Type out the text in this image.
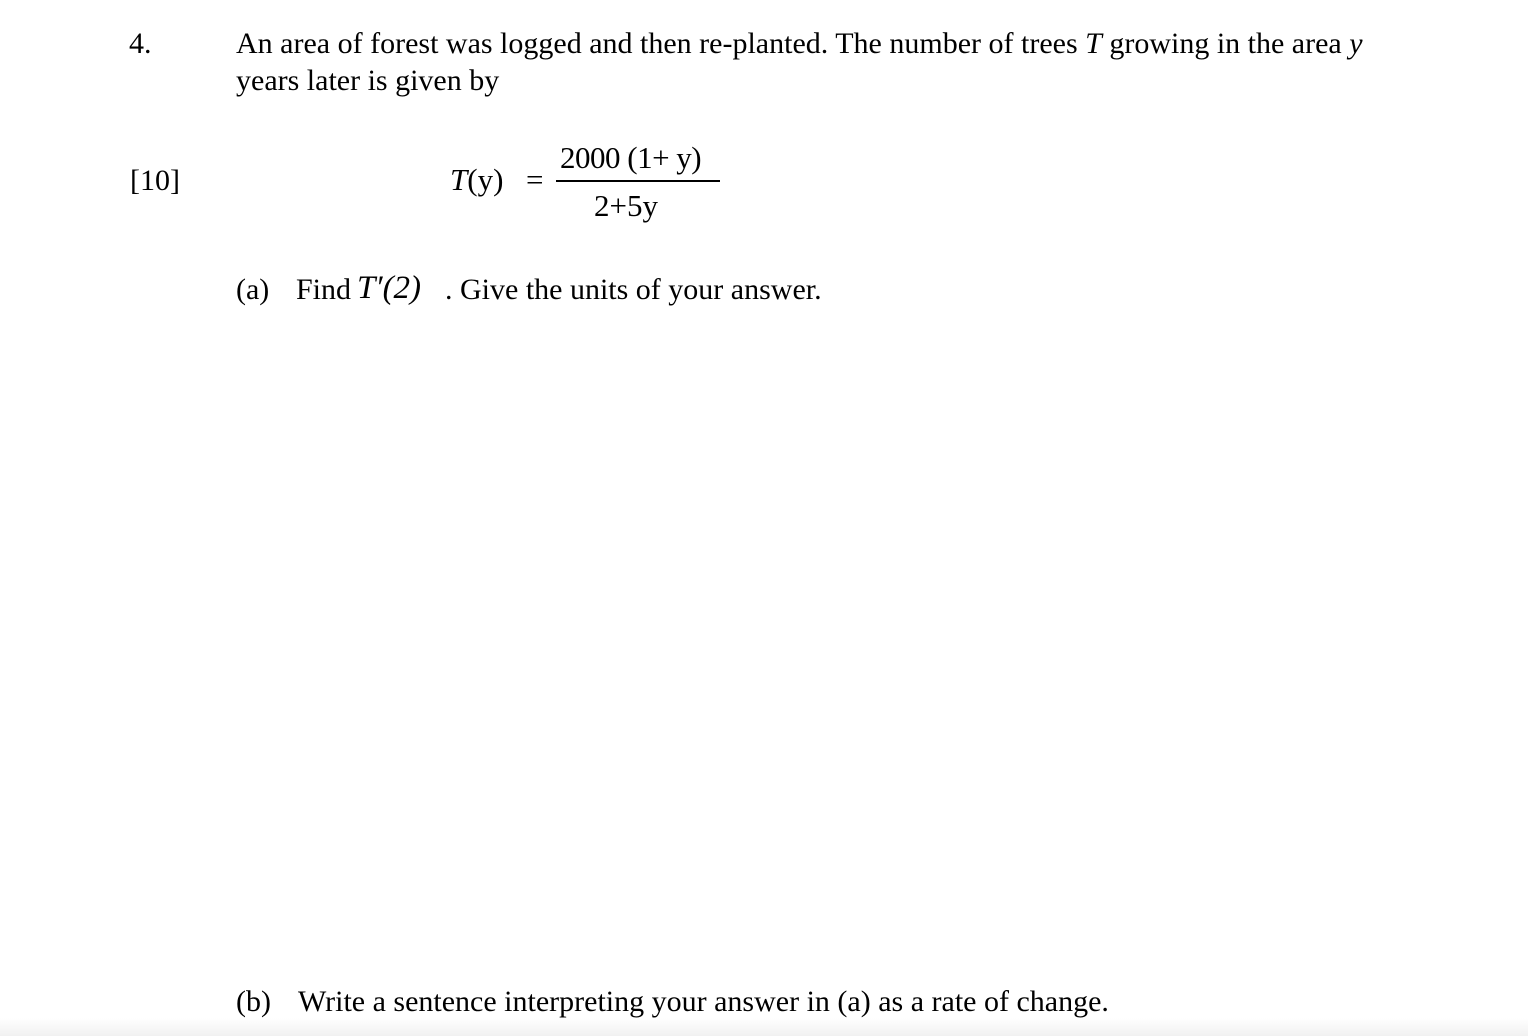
4.
[10]
An area of forest was logged and then re-planted. The number of trees T growing in the area y
years later is given by
T(y) =
2000 (1+ y)
2+5y
(a) Find T′(2) . Give the units of your answer.
(b) Write a sentence interpreting your answer in (a) as a rate of change.
